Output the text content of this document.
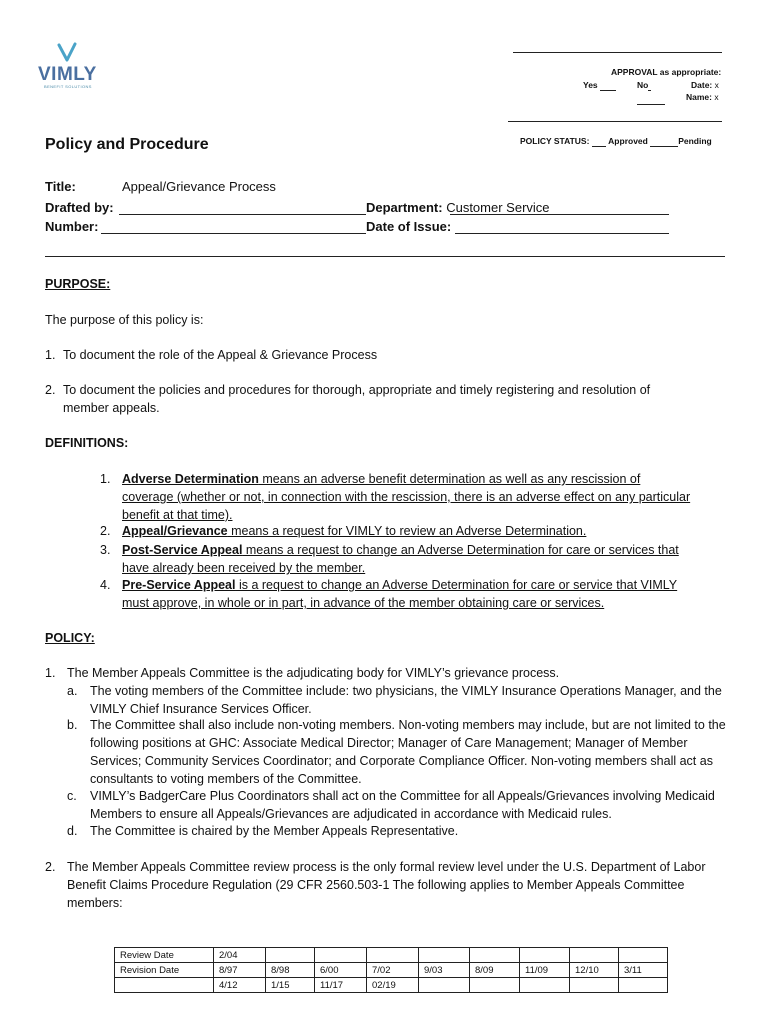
VIMLY
BENEFIT SOLUTIONS
APPROVAL as appropriate:
Yes	No	Date: x
Name: x
POLICY STATUS: Approved	Pending
Policy and Procedure
Title:	Appeal/Grievance Process
Drafted by:	Department: Customer Service
Number:	Date of Issue:
PURPOSE:
The purpose of this policy is:
1. To document the role of the Appeal & Grievance Process
2. To document the policies and procedures for thorough, appropriate and timely registering and resolution of member appeals.
DEFINITIONS:
1. Adverse Determination means an adverse benefit determination as well as any rescission of coverage (whether or not, in connection with the rescission, there is an adverse effect on any particular benefit at that time).
2. Appeal/Grievance means a request for VIMLY to review an Adverse Determination.
3. Post-Service Appeal means a request to change an Adverse Determination for care or services that have already been received by the member.
4. Pre-Service Appeal is a request to change an Adverse Determination for care or service that VIMLY must approve, in whole or in part, in advance of the member obtaining care or services.
POLICY:
1. The Member Appeals Committee is the adjudicating body for VIMLY’s grievance process.
a. The voting members of the Committee include: two physicians, the VIMLY Insurance Operations Manager, and the VIMLY Chief Insurance Services Officer.
b. The Committee shall also include non-voting members. Non-voting members may include, but are not limited to the following positions at GHC: Associate Medical Director; Manager of Care Management; Manager of Member Services; Community Services Coordinator; and Corporate Compliance Officer. Non-voting members shall act as consultants to voting members of the Committee.
c. VIMLY’s BadgerCare Plus Coordinators shall act on the Committee for all Appeals/Grievances involving Medicaid Members to ensure all Appeals/Grievances are adjudicated in accordance with Medicaid rules.
d. The Committee is chaired by the Member Appeals Representative.
2. The Member Appeals Committee review process is the only formal review level under the U.S. Department of Labor Benefit Claims Procedure Regulation (29 CFR 2560.503-1 The following applies to Member Appeals Committee members:
Review Date	2/04								
Revision Date	8/97	8/98	6/00	7/02	9/03	8/09	11/09	12/10	3/11
	4/12	1/15	11/17	02/19					
